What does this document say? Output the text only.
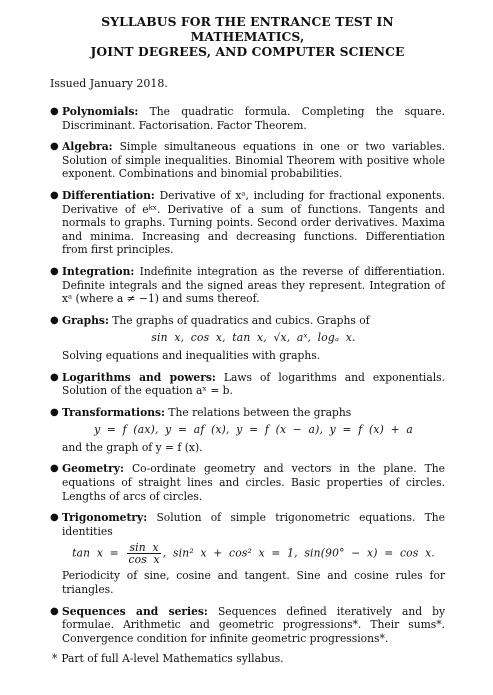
SYLLABUS FOR THE ENTRANCE TEST IN MATHEMATICS,
JOINT DEGREES, AND COMPUTER SCIENCE
Issued January 2018.
● Polynomials: The quadratic formula. Completing the square. Discriminant. Factorisation. Factor Theorem.
● Algebra: Simple simultaneous equations in one or two variables. Solution of simple inequalities. Binomial Theorem with positive whole exponent. Combinations and binomial probabilities.
● Differentiation: Derivative of xᵃ, including for fractional exponents. Derivative of eᵏˣ. Derivative of a sum of functions. Tangents and normals to graphs. Turning points. Second order derivatives. Maxima and minima. Increasing and decreasing functions. Differentiation from first principles.
● Integration: Indefinite integration as the reverse of differentiation. Definite integrals and the signed areas they represent. Integration of xᵃ (where a ≠ −1) and sums thereof.
● Graphs: The graphs of quadratics and cubics. Graphs of
sin x, cos x, tan x, √x, aˣ, logₐ x.
Solving equations and inequalities with graphs.
● Logarithms and powers: Laws of logarithms and exponentials. Solution of the equation aˣ = b.
● Transformations: The relations between the graphs
y = f (ax), y = af (x), y = f (x − a), y = f (x) + a
and the graph of y = f (x).
● Geometry: Co-ordinate geometry and vectors in the plane. The equations of straight lines and circles. Basic properties of circles. Lengths of arcs of circles.
● Trigonometry: Solution of simple trigonometric equations. The identities
$\tan x = \frac{\text{sin x}}{\text{cos x}}$ , sin² x + cos² x = 1, sin(90° − x) = cos x.
Periodicity of sine, cosine and tangent. Sine and cosine rules for triangles.
● Sequences and series: Sequences defined iteratively and by formulae. Arithmetic and geometric progressions*. Their sums*. Convergence condition for infinite geometric progressions*.
* Part of full A-level Mathematics syllabus.
